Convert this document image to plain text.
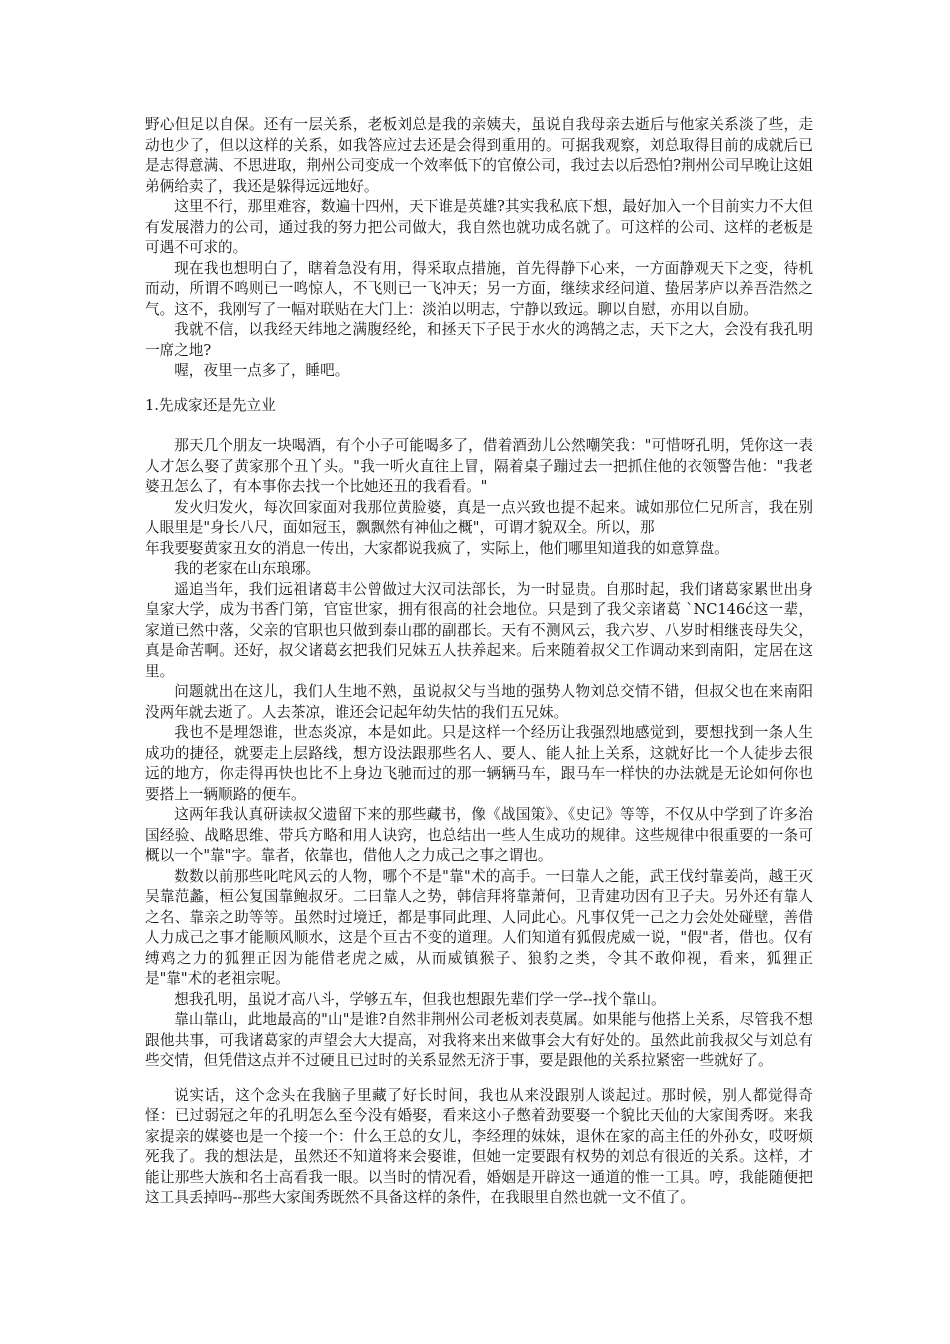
野心但足以自保。还有一层关系，老板刘总是我的亲姨夫，虽说自我母亲去逝后与他家关系淡了些，走动也少了，但以这样的关系，如我答应过去还是会得到重用的。可据我观察，刘总取得目前的成就后已是志得意满、不思进取，荆州公司变成一个效率低下的官僚公司，我过去以后恐怕?荆州公司早晚让这姐弟俩给卖了，我还是躲得远远地好。

这里不行，那里难容，数遍十四州，天下谁是英雄?其实我私底下想，最好加入一个目前实力不大但有发展潜力的公司，通过我的努力把公司做大，我自然也就功成名就了。可这样的公司、这样的老板是可遇不可求的。

现在我也想明白了，瞎着急没有用，得采取点措施，首先得静下心来，一方面静观天下之变，待机而动，所谓不鸣则已一鸣惊人，不飞则已一飞冲天；另一方面，继续求经问道、蛰居茅庐以养吾浩然之气。这不，我刚写了一幅对联贴在大门上：淡泊以明志，宁静以致远。聊以自慰，亦用以自励。

我就不信，以我经天纬地之满腹经纶，和拯天下子民于水火的鸿鹄之志，天下之大，会没有我孔明一席之地?

喔，夜里一点多了，睡吧。

1.先成家还是先立业

那天几个朋友一块喝酒，有个小子可能喝多了，借着酒劲儿公然嘲笑我："可惜呀孔明，凭你这一表人才怎么娶了黄家那个丑丫头。"我一听火直往上冒，隔着桌子蹦过去一把抓住他的衣领警告他："我老婆丑怎么了，有本事你去找一个比她还丑的我看看。"

发火归发火，每次回家面对我那位黄脸婆，真是一点兴致也提不起来。诚如那位仁兄所言，我在别人眼里是"身长八尺，面如冠玉，飘飘然有神仙之概"，可谓才貌双全。所以，那

年我要娶黄家丑女的消息一传出，大家都说我疯了，实际上，他们哪里知道我的如意算盘。

我的老家在山东琅琊。

遥追当年，我们远祖诸葛丰公曾做过大汉司法部长，为一时显贵。自那时起，我们诸葛家累世出身皇家大学，成为书香门第，官宦世家，拥有很高的社会地位。只是到了我父亲诸葛 `NC146ć这一辈，家道已然中落，父亲的官职也只做到泰山郡的副郡长。天有不测风云，我六岁、八岁时相继丧母失父，真是命苦啊。还好，叔父诸葛玄把我们兄妹五人扶养起来。后来随着叔父工作调动来到南阳，定居在这里。

问题就出在这儿，我们人生地不熟，虽说叔父与当地的强势人物刘总交情不错，但叔父也在来南阳没两年就去逝了。人去茶凉，谁还会记起年幼失怙的我们五兄妹。

我也不是埋怨谁，世态炎凉，本是如此。只是这样一个经历让我强烈地感觉到，要想找到一条人生成功的捷径，就要走上层路线，想方设法跟那些名人、要人、能人扯上关系，这就好比一个人徒步去很远的地方，你走得再快也比不上身边飞驰而过的那一辆辆马车，跟马车一样快的办法就是无论如何你也要搭上一辆顺路的便车。

这两年我认真研读叔父遗留下来的那些藏书，像《战国策》、《史记》等等，不仅从中学到了许多治国经验、战略思维、带兵方略和用人诀窍，也总结出一些人生成功的规律。这些规律中很重要的一条可概以一个"靠"字。靠者，依靠也，借他人之力成己之事之谓也。

数数以前那些叱咤风云的人物，哪个不是"靠"术的高手。一曰靠人之能，武王伐纣靠姜尚，越王灭吴靠范蠡，桓公复国靠鲍叔牙。二曰靠人之势，韩信拜将靠萧何，卫青建功因有卫子夫。另外还有靠人之名、靠亲之助等等。虽然时过境迁，都是事同此理、人同此心。凡事仅凭一己之力会处处碰壁，善借人力成己之事才能顺风顺水，这是个亘古不变的道理。人们知道有狐假虎威一说，"假"者，借也。仅有缚鸡之力的狐狸正因为能借老虎之威，从而威镇猴子、狼豹之类，令其不敢仰视，看来，狐狸正是"靠"术的老祖宗呢。

想我孔明，虽说才高八斗，学够五车，但我也想跟先辈们学一学--找个靠山。

靠山靠山，此地最高的"山"是谁?自然非荆州公司老板刘表莫属。如果能与他搭上关系，尽管我不想跟他共事，可我诸葛家的声望会大大提高，对我将来出来做事会大有好处的。虽然此前我叔父与刘总有些交情，但凭借这点并不过硬且已过时的关系显然无济于事，要是跟他的关系拉紧密一些就好了。

说实话，这个念头在我脑子里藏了好长时间，我也从来没跟别人谈起过。那时候，别人都觉得奇怪：已过弱冠之年的孔明怎么至今没有婚娶，看来这小子憋着劲要娶一个貌比天仙的大家闺秀呀。来我家提亲的媒婆也是一个接一个：什么王总的女儿，李经理的妹妹，退休在家的高主任的外孙女，哎呀烦死我了。我的想法是，虽然还不知道将来会娶谁，但她一定要跟有权势的刘总有很近的关系。这样，才能让那些大族和名士高看我一眼。以当时的情况看，婚姻是开辟这一通道的惟一工具。哼，我能随便把这工具丢掉吗--那些大家闺秀既然不具备这样的条件，在我眼里自然也就一文不值了。
